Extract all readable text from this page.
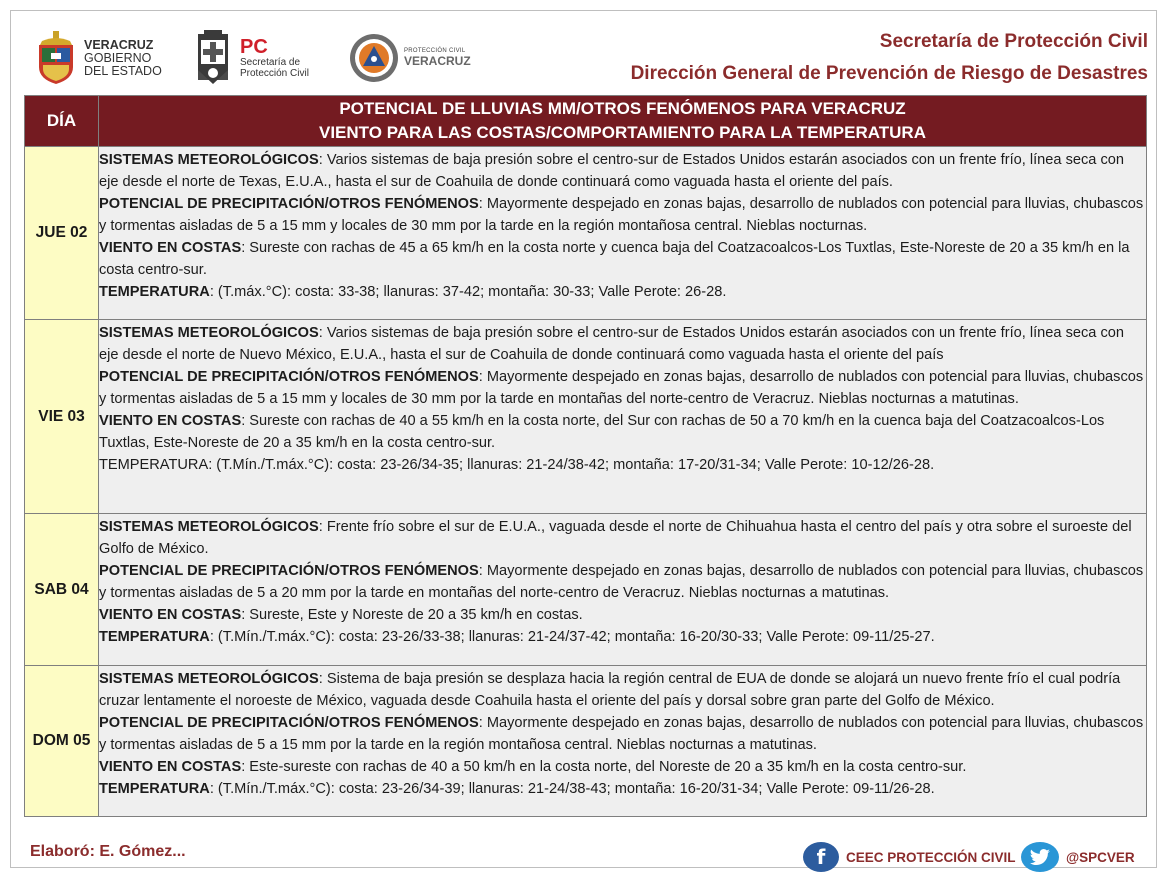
VERACRUZ
GOBIERNO
DEL ESTADO
PC
Secretaría de
Protección Civil
PROTECCIÓN CIVIL
VERACRUZ
Secretaría de Protección Civil
Dirección General de Prevención de Riesgo de Desastres
DÍA	POTENCIAL DE LLUVIAS MM/OTROS FENÓMENOS PARA VERACRUZ
VIENTO PARA LAS COSTAS/COMPORTAMIENTO PARA LA TEMPERATURA

JUE 02	SISTEMAS METEOROLÓGICOS: Varios sistemas de baja presión sobre el centro-sur de Estados Unidos estarán asociados con un frente frío, línea seca con eje desde el norte de Texas, E.U.A., hasta el sur de Coahuila de donde continuará como vaguada hasta el oriente del país.

POTENCIAL DE PRECIPITACIÓN/OTROS FENÓMENOS: Mayormente despejado en zonas bajas, desarrollo de nublados con potencial para lluvias, chubascos y tormentas aisladas de 5 a 15 mm y locales de 30 mm por la tarde en la región montañosa central. Nieblas nocturnas.

VIENTO EN COSTAS: Sureste con rachas de 45 a 65 km/h en la costa norte y cuenca baja del Coatzacoalcos-Los Tuxtlas, Este-Noreste de 20 a 35 km/h en la costa centro-sur.

TEMPERATURA: (T.máx.°C): costa: 33-38; llanuras: 37-42; montaña: 30-33; Valle Perote: 26-28.

VIE 03	SISTEMAS METEOROLÓGICOS: Varios sistemas de baja presión sobre el centro-sur de Estados Unidos estarán asociados con un frente frío, línea seca con eje desde el norte de Nuevo México, E.U.A., hasta el sur de Coahuila de donde continuará como vaguada hasta el oriente del país

POTENCIAL DE PRECIPITACIÓN/OTROS FENÓMENOS: Mayormente despejado en zonas bajas, desarrollo de nublados con potencial para lluvias, chubascos y tormentas aisladas de 5 a 15 mm y locales de 30 mm por la tarde en montañas del norte-centro de Veracruz. Nieblas nocturnas a matutinas.

VIENTO EN COSTAS: Sureste con rachas de 40 a 55 km/h en la costa norte, del Sur con rachas de 50 a 70 km/h en la cuenca baja del Coatzacoalcos-Los Tuxtlas, Este-Noreste de 20 a 35 km/h en la costa centro-sur.

TEMPERATURA: (T.Mín./T.máx.°C): costa: 23-26/34-35; llanuras: 21-24/38-42; montaña: 17-20/31-34; Valle Perote: 10-12/26-28.

SAB 04	SISTEMAS METEOROLÓGICOS: Frente frío sobre el sur de E.U.A., vaguada desde el norte de Chihuahua hasta el centro del país y otra sobre el suroeste del Golfo de México.

POTENCIAL DE PRECIPITACIÓN/OTROS FENÓMENOS: Mayormente despejado en zonas bajas, desarrollo de nublados con potencial para lluvias, chubascos y tormentas aisladas de 5 a 20 mm por la tarde en montañas del norte-centro de Veracruz. Nieblas nocturnas a matutinas.

VIENTO EN COSTAS: Sureste, Este y Noreste de 20 a 35 km/h en costas.

TEMPERATURA: (T.Mín./T.máx.°C): costa: 23-26/33-38; llanuras: 21-24/37-42; montaña: 16-20/30-33; Valle Perote: 09-11/25-27.

DOM 05	SISTEMAS METEOROLÓGICOS: Sistema de baja presión se desplaza hacia la región central de EUA de donde se alojará un nuevo frente frío el cual podría cruzar lentamente el noroeste de México, vaguada desde Coahuila hasta el oriente del país y dorsal sobre gran parte del Golfo de México.

POTENCIAL DE PRECIPITACIÓN/OTROS FENÓMENOS: Mayormente despejado en zonas bajas, desarrollo de nublados con potencial para lluvias, chubascos y tormentas aisladas de 5 a 15 mm por la tarde en la región montañosa central. Nieblas nocturnas a matutinas.

VIENTO EN COSTAS: Este-sureste con rachas de 40 a 50 km/h en la costa norte, del Noreste de 20 a 35 km/h en la costa centro-sur.

TEMPERATURA: (T.Mín./T.máx.°C): costa: 23-26/34-39; llanuras: 21-24/38-43; montaña: 16-20/31-34; Valle Perote: 09-11/26-28.

Elaboró: E. Gómez...	f	CEEC PROTECCIÓN CIVIL	@SPCVER
